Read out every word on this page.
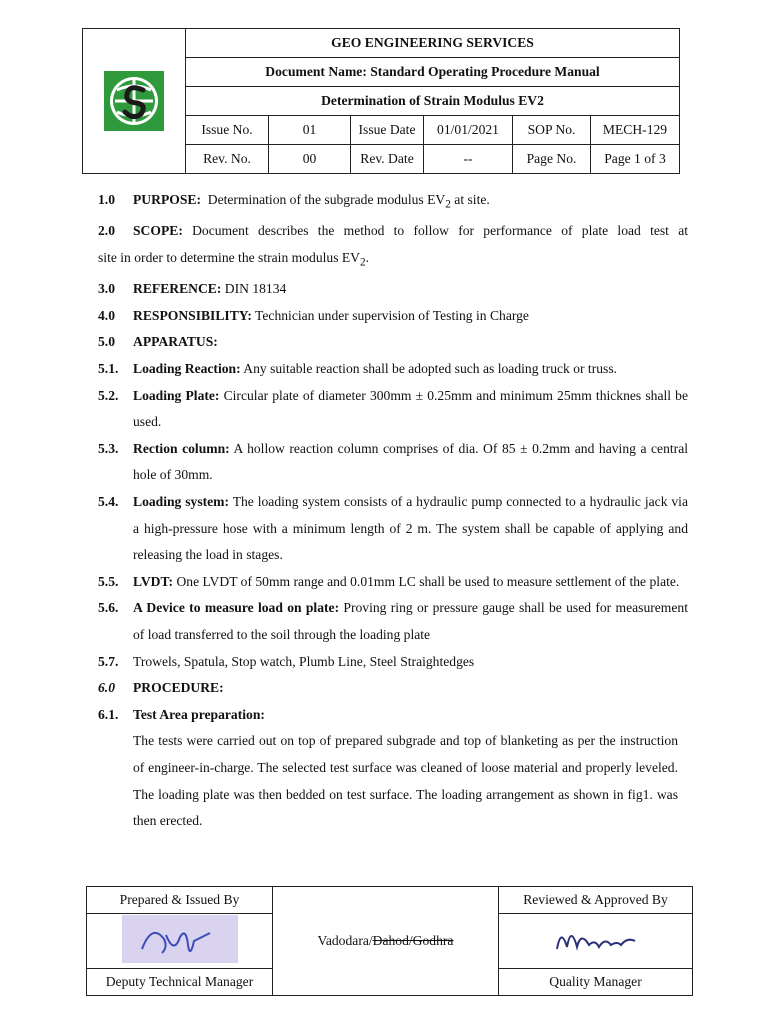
	GEO ENGINEERING SERVICES					
	Document Name: Standard Operating Procedure Manual					
	Determination of Strain Modulus EV2					
	Issue No.	01	Issue Date	01/01/2021	SOP No.	MECH-129
	Rev. No.	00	Rev. Date	--	Page No.	Page 1 of 3
1.0	PURPOSE: Determination of the subgrade modulus $EV_2$ at site.
2.0	SCOPE: Document describes the method to follow for performance of plate load test at
site in order to determine the strain modulus $EV_2$.
3.0	REFERENCE: DIN 18134
4.0	RESPONSIBILITY: Technician under supervision of Testing in Charge
5.0	APPARATUS:
5.1.	Loading Reaction: Any suitable reaction shall be adopted such as loading truck or truss.
5.2.	Loading Plate: Circular plate of diameter 300mm ± 0.25mm and minimum 25mm thicknes shall be used.
5.3.	Rection column: A hollow reaction column comprises of dia. Of 85 ± 0.2mm and having a central hole of 30mm.
5.4.	Loading system: The loading system consists of a hydraulic pump connected to a hydraulic jack via a high-pressure hose with a minimum length of 2 m. The system shall be capable of applying and releasing the load in stages.
5.5.	LVDT: One LVDT of 50mm range and 0.01mm LC shall be used to measure settlement of the plate.
5.6.	A Device to measure load on plate: Proving ring or pressure gauge shall be used for measurement of load transferred to the soil through the loading plate
5.7.	Trowels, Spatula, Stop watch, Plumb Line, Steel Straightedges
6.0	PROCEDURE:
6.1.	Test Area preparation:
The tests were carried out on top of prepared subgrade and top of blanketing as per the instruction of engineer-in-charge. The selected test surface was cleaned of loose material and properly leveled. The loading plate was then bedded on test surface. The loading arrangement as shown in fig1. was then erected.
Prepared & Issued By	Vadodara/Dahod/Godhra	Reviewed & Approved By

Deputy Technical Manager		Quality Manager
